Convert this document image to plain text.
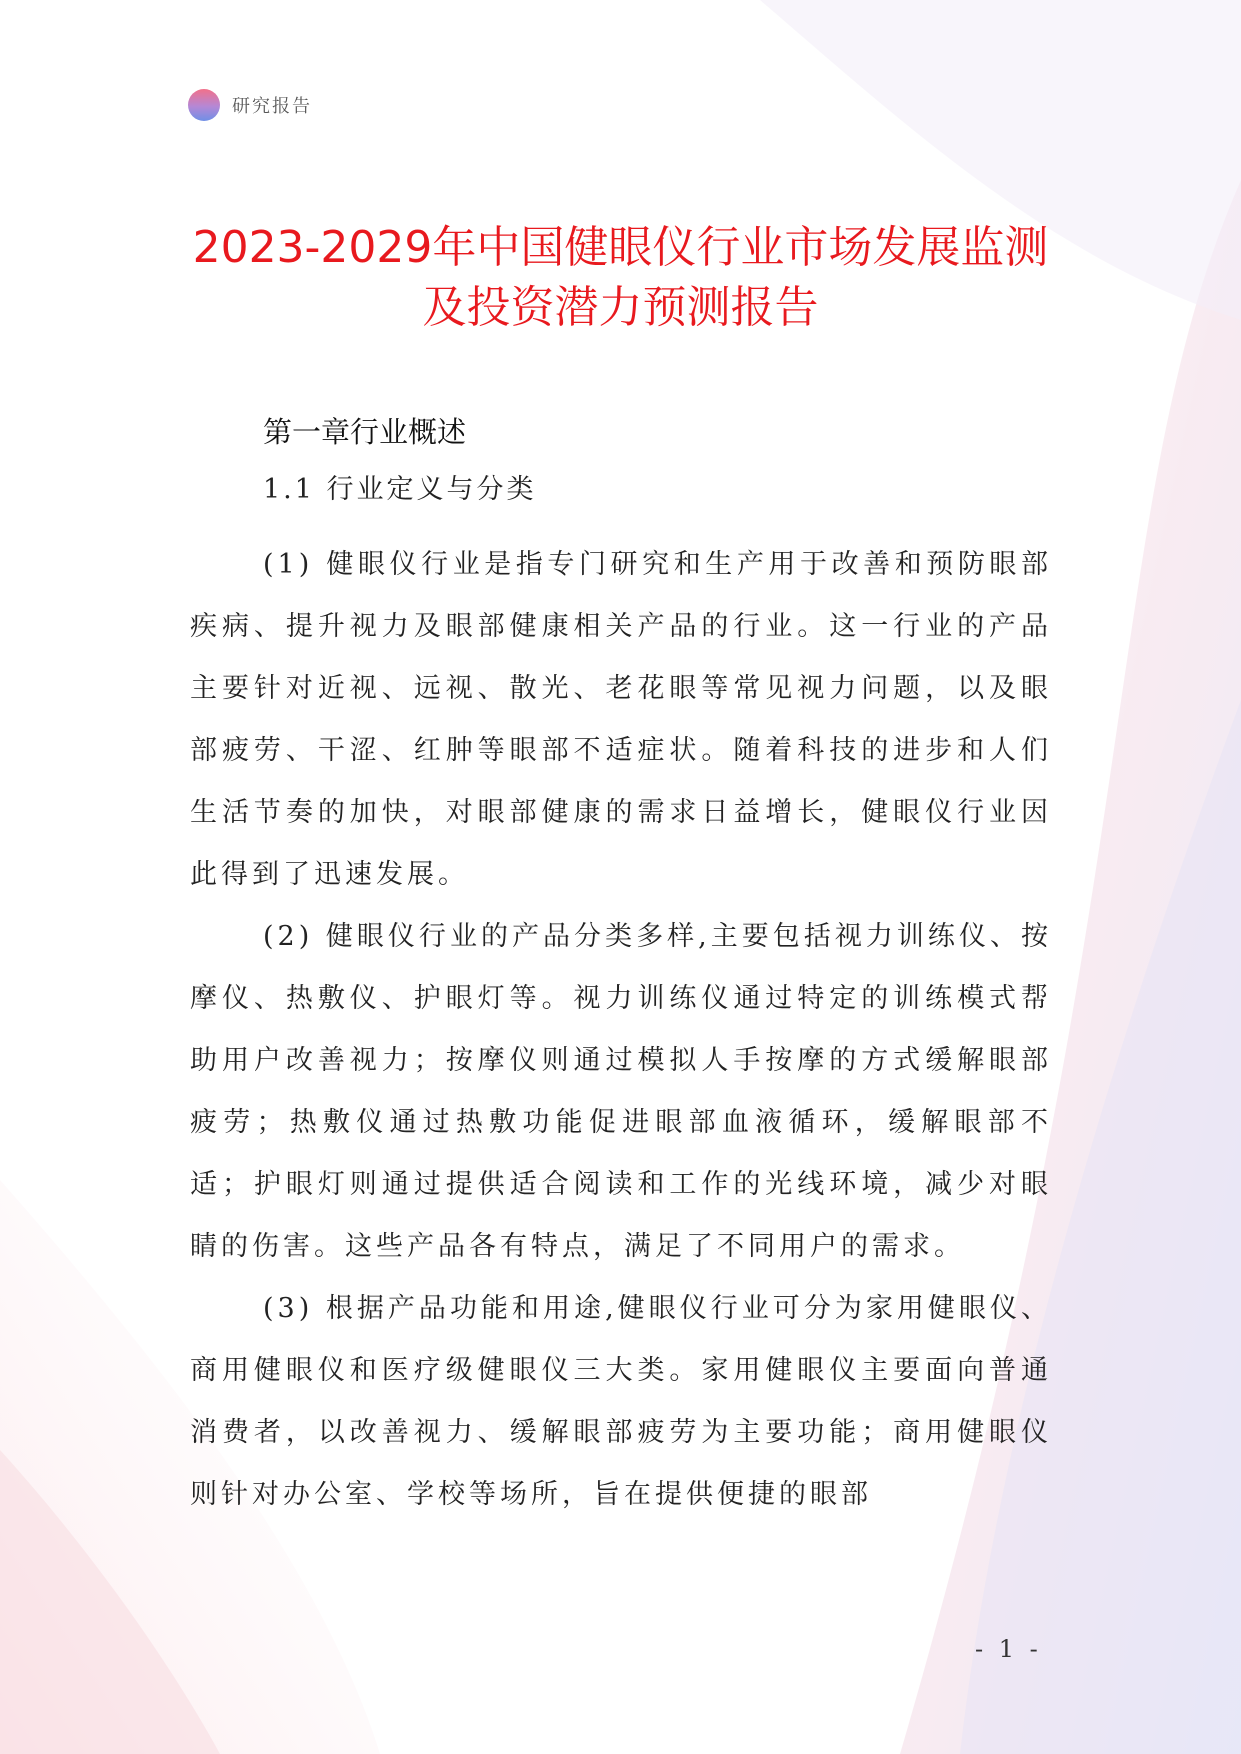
研究报告
2023-2029年中国健眼仪行业市场发展监测
及投资潜力预测报告
第一章行业概述
1.1 行业定义与分类

(1) 健眼仪行业是指专门研究和生产用于改善和预防眼部疾病、提升视力及眼部健康相关产品的行业。这一行业的产品主要针对近视、远视、散光、老花眼等常见视力问题，以及眼部疲劳、干涩、红肿等眼部不适症状。随着科技的进步和人们生活节奏的加快，对眼部健康的需求日益增长，健眼仪行业因此得到了迅速发展。

(2) 健眼仪行业的产品分类多样,主要包括视力训练仪、按摩仪、热敷仪、护眼灯等。视力训练仪通过特定的训练模式帮助用户改善视力；按摩仪则通过模拟人手按摩的方式缓解眼部疲劳；热敷仪通过热敷功能促进眼部血液循环，缓解眼部不适；护眼灯则通过提供适合阅读和工作的光线环境，减少对眼睛的伤害。这些产品各有特点，满足了不同用户的需求。

(3) 根据产品功能和用途,健眼仪行业可分为家用健眼仪、商用健眼仪和医疗级健眼仪三大类。家用健眼仪主要面向普通消费者，以改善视力、缓解眼部疲劳为主要功能；商用健眼仪则针对办公室、学校等场所，旨在提供便捷的眼部

- 1 -
